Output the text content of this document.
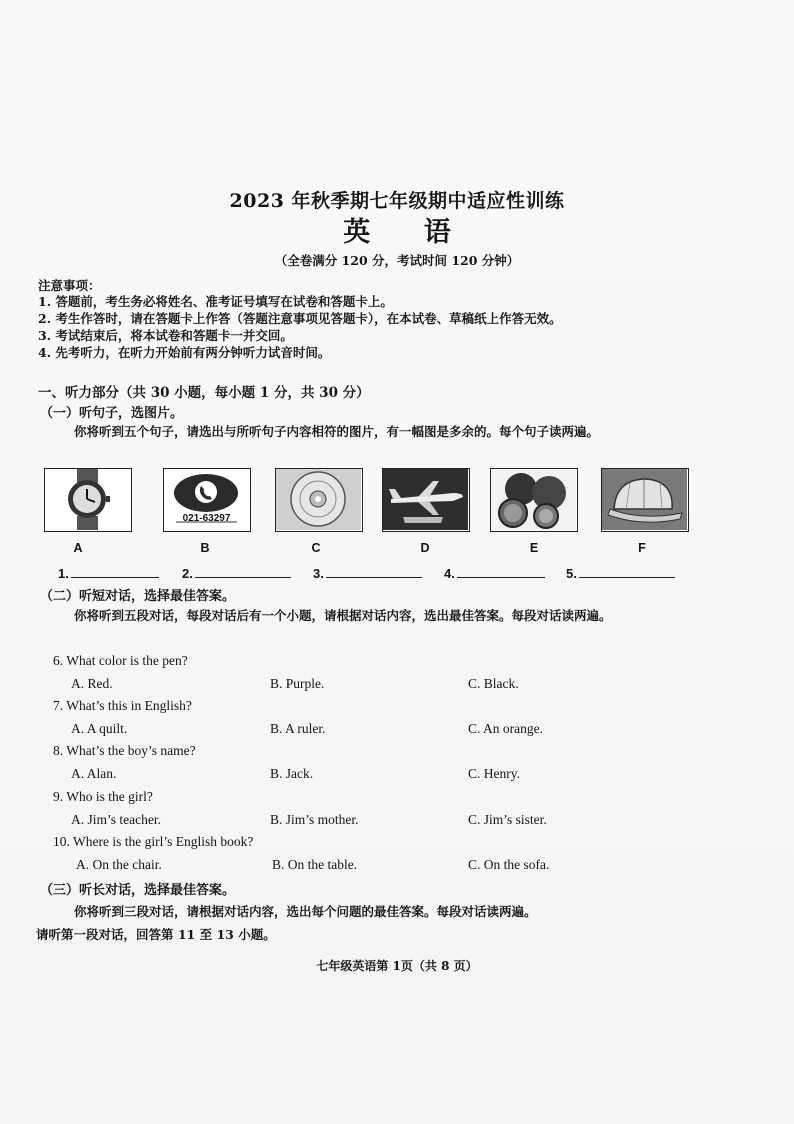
2023 年秋季期七年级期中适应性训练
英 语
（全卷满分 120 分，考试时间 120 分钟）
注意事项：
1. 答题前，考生务必将姓名、准考证号填写在试卷和答题卡上。
2. 考生作答时，请在答题卡上作答（答题注意事项见答题卡），在本试卷、草稿纸上作答无效。
3. 考试结束后，将本试卷和答题卡一并交回。
4. 先考听力，在听力开始前有两分钟听力试音时间。
一、听力部分（共 30 小题，每小题 1 分，共 30 分）
（一）听句子，选图片。
你将听到五个句子，请选出与所听句子内容相符的图片，有一幅图是多余的。每个句子读两遍。
021-63297
A	B	C	D	E	F
1.	2.	3.	4.	5.
（二）听短对话，选择最佳答案。
你将听到五段对话，每段对话后有一个小题，请根据对话内容，选出最佳答案。每段对话读两遍。
6. What color is the pen?
A. Red.	B. Purple.	C. Black.
7. What’s this in English?
A. A quilt.	B. A ruler.	C. An orange.
8. What’s the boy’s name?
A. Alan.	B. Jack.	C. Henry.
9. Who is the girl?
A. Jim’s teacher.	B. Jim’s mother.	C. Jim’s sister.
10. Where is the girl’s English book?
A. On the chair.	B. On the table.	C. On the sofa.
（三）听长对话，选择最佳答案。
你将听到三段对话，请根据对话内容，选出每个问题的最佳答案。每段对话读两遍。
请听第一段对话，回答第 11 至 13 小题。
七年级英语第 1页（共 8 页）
